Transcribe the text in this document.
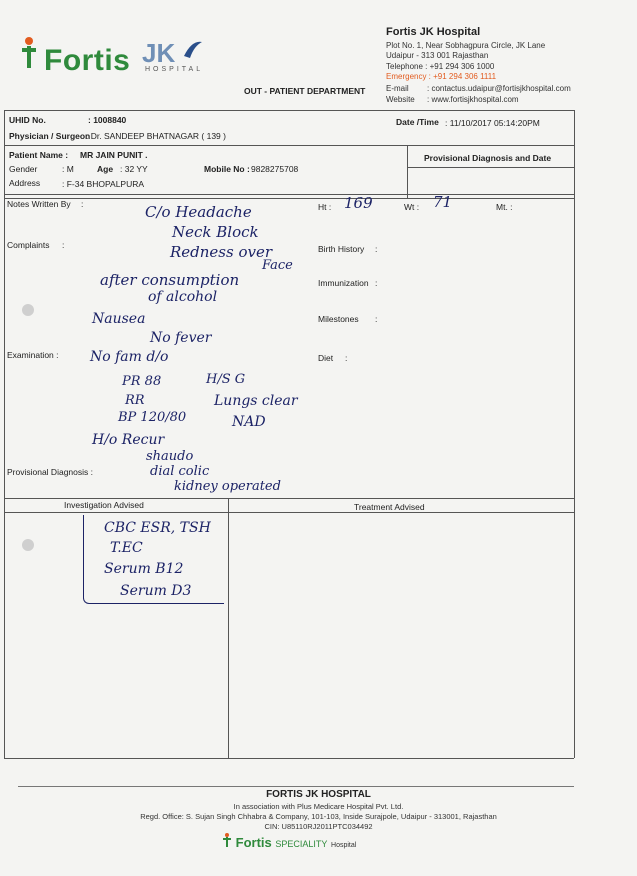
Fortis JK
HOSPITAL
Fortis JK Hospital
Plot No. 1, Near Sobhagpura Circle, JK Lane
Udaipur - 313 001 Rajasthan
Telephone : +91 294 306 1000
Emergency : +91 294 306 1111
E-mail : contactus.udaipur@fortisjkhospital.com
Website : www.fortisjkhospital.com
OUT - PATIENT DEPARTMENT
UHID No.	: 1008840	Date /Time : 11/10/2017 05:14:20PM
Physician / Surgeon
: Dr. SANDEEP BHATNAGAR ( 139 )
Patient Name : MR JAIN PUNIT .	Provisional Diagnosis and Date
Gender	: M	Age : 32 YY	Mobile No : 9828275708
Address	: F-34 BHOPALPURA
Notes Written By :	Ht : 169	Wt : 71	Mt. :
Complaints :	Birth History :
Immunization :
Milestones :
Examination :	Diet :
Provisional Diagnosis :
C/o Headache
Neck Block
Redness over
Face
after consumption
of alcohol
Nausea
No fever
No fam d/o
PR 88
RR
BP 120/80
H/o Recur
H/S G
Lungs clear
NAD
shaudo
dial colic
kidney operated
Investigation Advised	Treatment Advised
CBC ESR, TSH
T.EC
Serum B12
Serum D3
FORTIS JK HOSPITAL
In association with Plus Medicare Hospital Pvt. Ltd.
Regd. Office: S. Sujan Singh Chhabra & Company, 101-103, Inside Surajpole, Udaipur - 313001, Rajasthan
CIN: U85110RJ2011PTC034492
Fortis SPECIALITY Hospital
